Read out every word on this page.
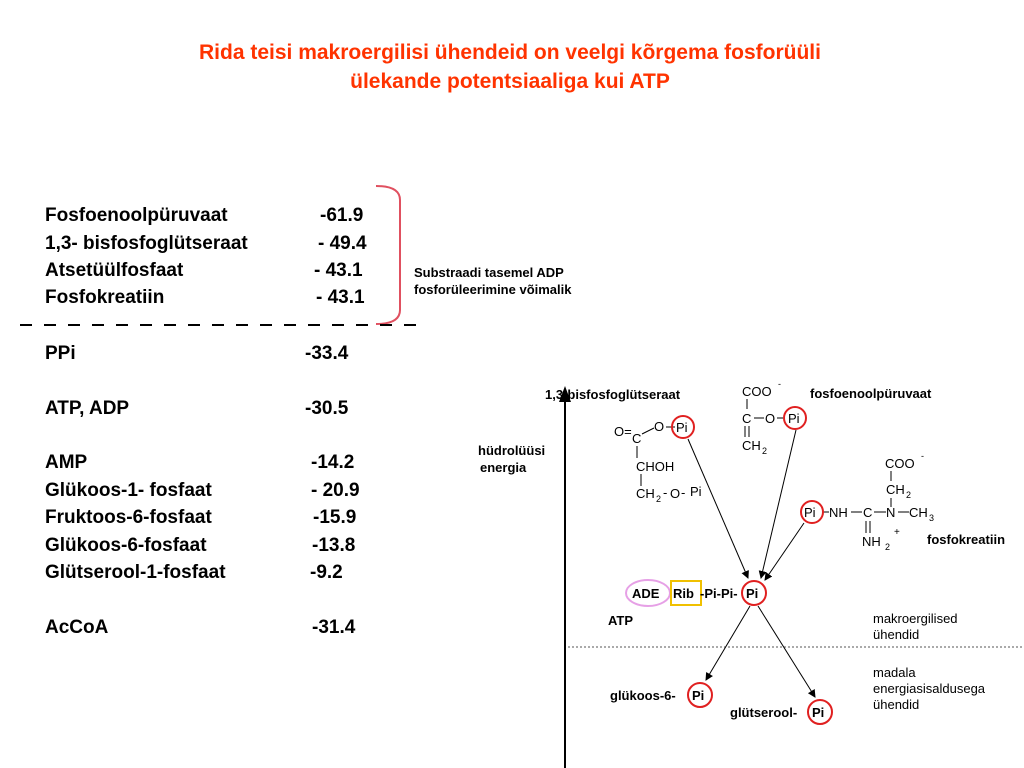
Rida teisi makroergilisi ühendeid on veelgi kõrgema fosforüüli
ülekande potentsiaaliga kui ATP
Fosfoenoolpüruvaat	-61.9
1,3- bisfosfoglütseraat	- 49.4
Atsetüülfosfaat	- 43.1
Fosfokreatiin	- 43.1
PPi	-33.4
ATP, ADP	-30.5
AMP	-14.2
Glükoos-1- fosfaat	- 20.9
Fruktoos-6-fosfaat	-15.9
Glükoos-6-fosfaat	-13.8
Glütserool-1-fosfaat	-9.2
AcCoA	-31.4
Substraadi tasemel ADP
fosforüleerimine võimalik
O= C
O
CHOH
CH 2 - O - Pi
Pi
COO -
C O
CH 2
Pi
COO -
CH 2
NH C N CH 3
NH 2
+
Pi
ADE Rib -Pi-Pi- Pi
glükoos-6- Pi
glütserool- Pi
1,3-bisfosfoglütseraat	fosfoenoolpüruvaat
hüdrolüüsi
energia
fosfokreatiin
ATP	makroergilised
ühendid
madala
energiasisaldusega
ühendid
